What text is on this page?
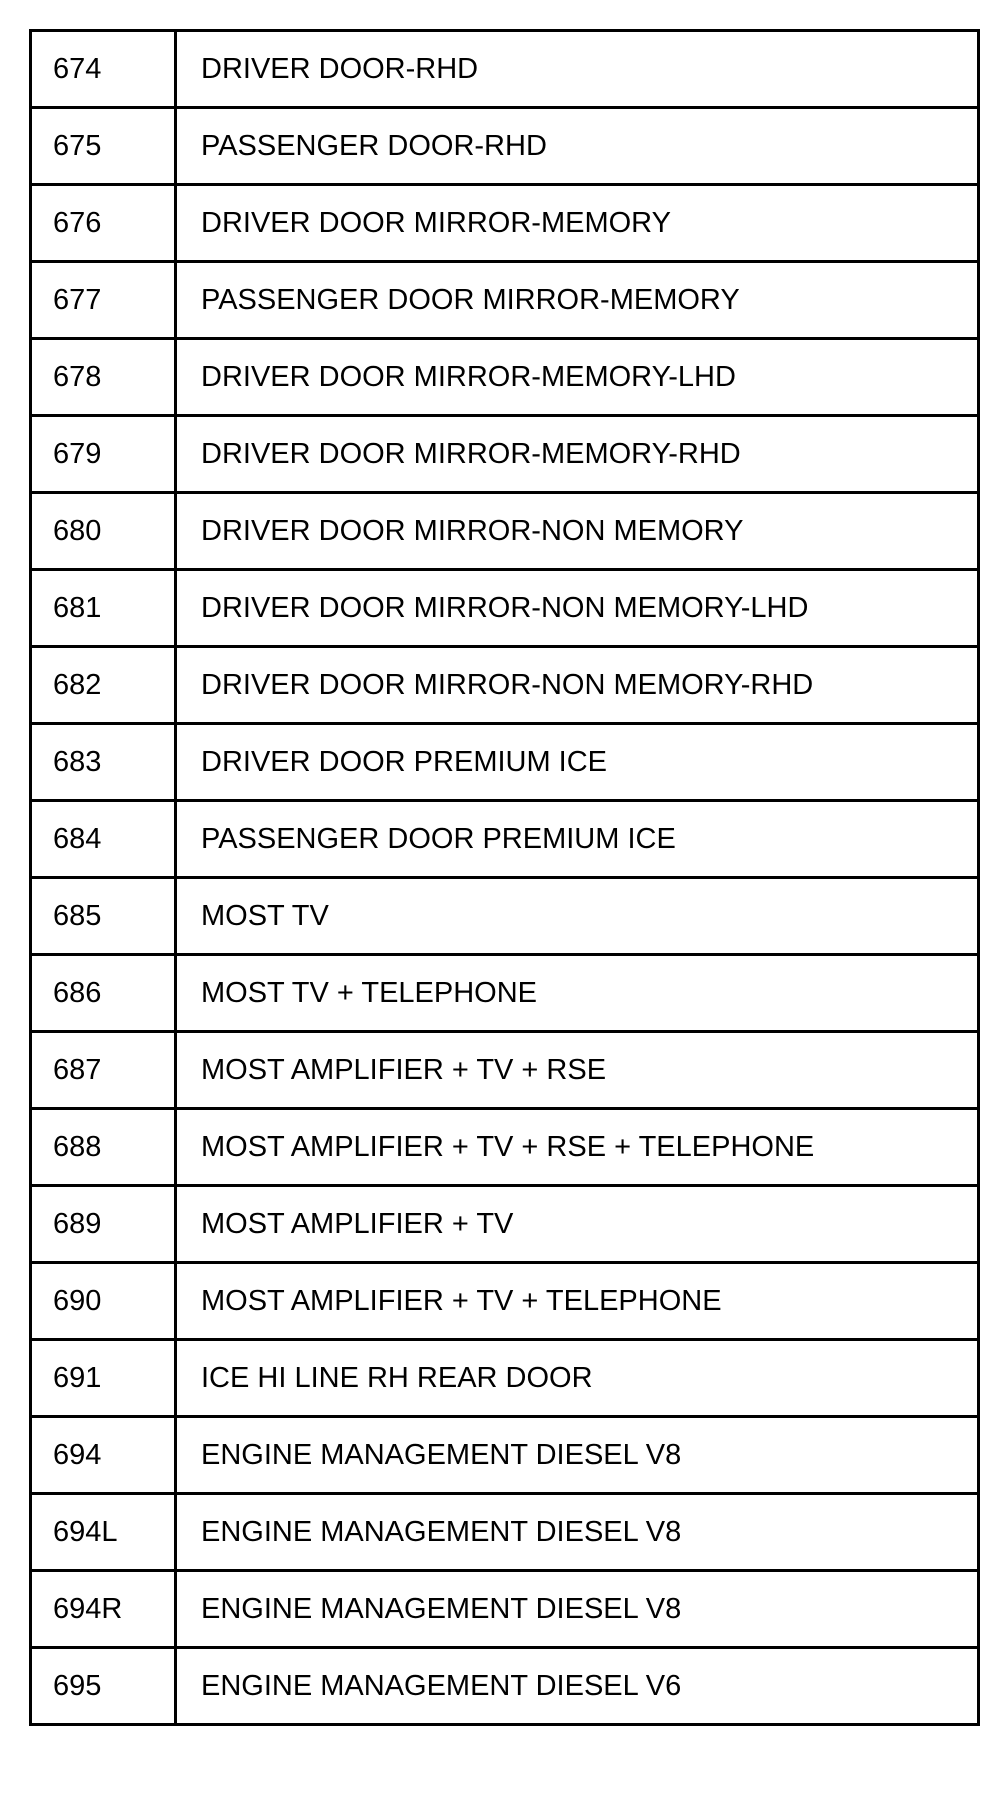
674	DRIVER DOOR-RHD
675	PASSENGER DOOR-RHD
676	DRIVER DOOR MIRROR-MEMORY
677	PASSENGER DOOR MIRROR-MEMORY
678	DRIVER DOOR MIRROR-MEMORY-LHD
679	DRIVER DOOR MIRROR-MEMORY-RHD
680	DRIVER DOOR MIRROR-NON MEMORY
681	DRIVER DOOR MIRROR-NON MEMORY-LHD
682	DRIVER DOOR MIRROR-NON MEMORY-RHD
683	DRIVER DOOR PREMIUM ICE
684	PASSENGER DOOR PREMIUM ICE
685	MOST TV
686	MOST TV + TELEPHONE
687	MOST AMPLIFIER + TV + RSE
688	MOST AMPLIFIER + TV + RSE + TELEPHONE
689	MOST AMPLIFIER + TV
690	MOST AMPLIFIER + TV + TELEPHONE
691	ICE HI LINE RH REAR DOOR
694	ENGINE MANAGEMENT DIESEL V8
694L	ENGINE MANAGEMENT DIESEL V8
694R	ENGINE MANAGEMENT DIESEL V8
695	ENGINE MANAGEMENT DIESEL V6
